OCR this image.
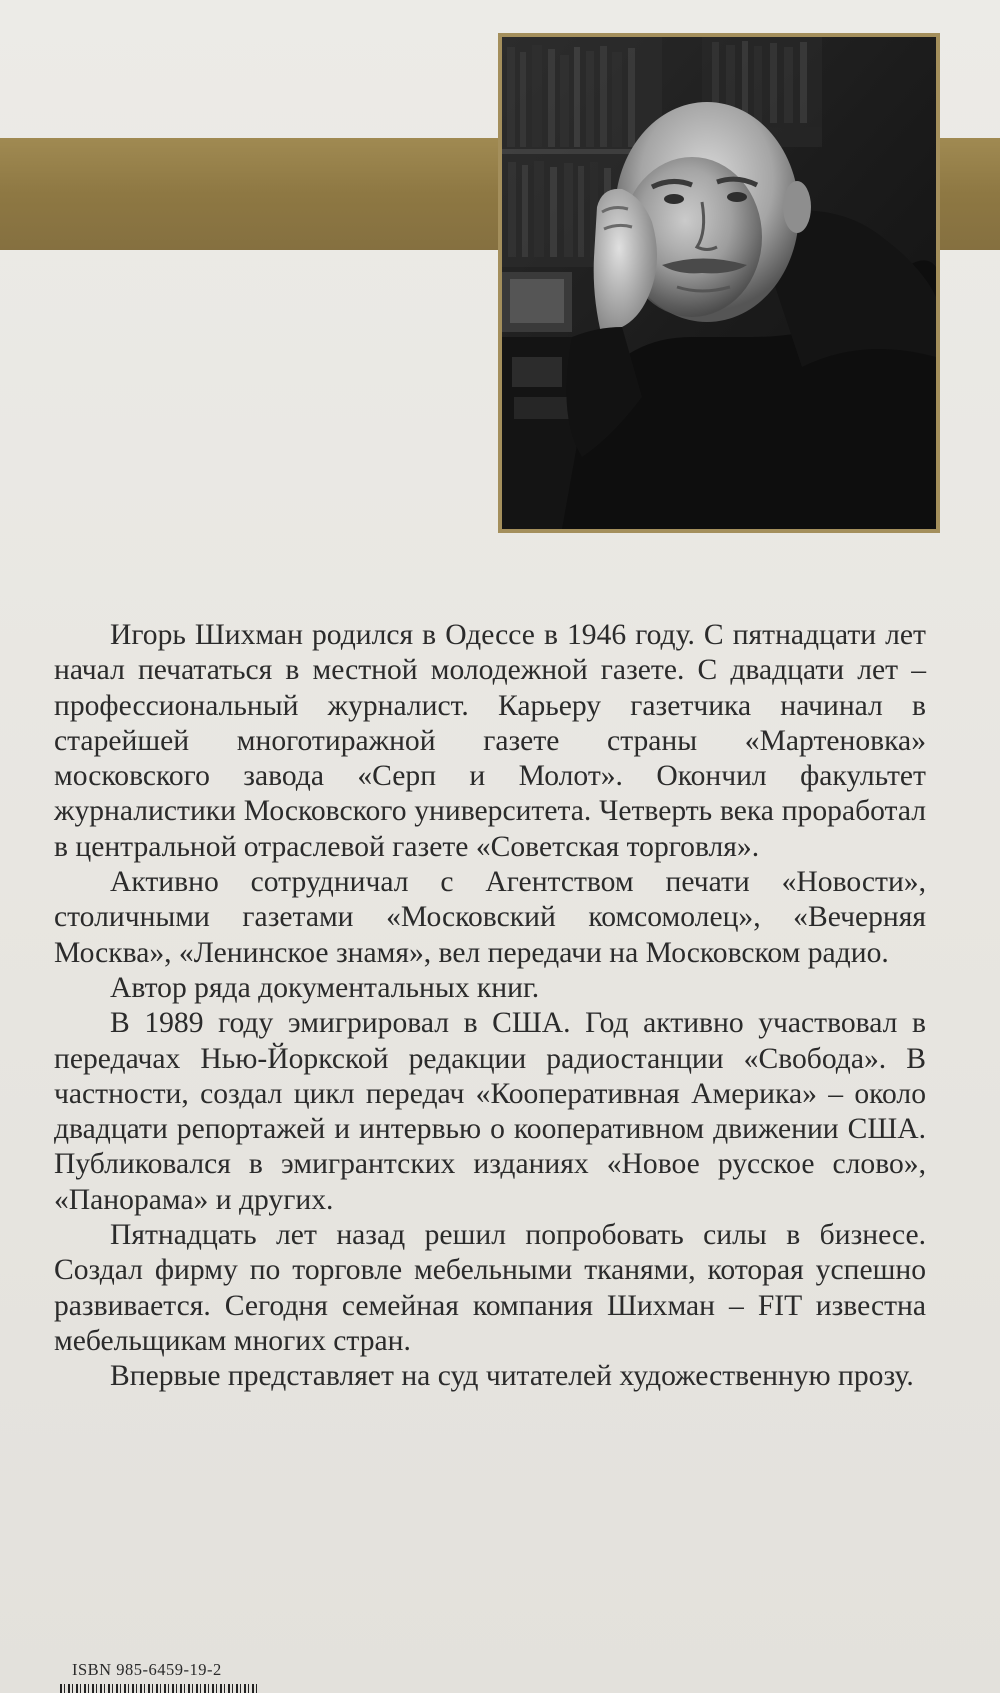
Игорь Шихман родился в Одессе в 1946 году. С пятнадцати лет начал печататься в местной молодежной газете. С двадцати лет – профессиональный журналист. Карьеру газетчика начинал в старейшей многотиражной газете страны «Мартеновка» московского завода «Серп и Молот». Окончил факультет журналистики Московского университета. Четверть века проработал в центральной отраслевой газете «Советская торговля».

Активно сотрудничал с Агентством печати «Новости», столичными газетами «Московский комсомолец», «Вечерняя Москва», «Ленинское знамя», вел передачи на Московском радио.

Автор ряда документальных книг.

В 1989 году эмигрировал в США. Год активно участвовал в передачах Нью-Йоркской редакции радиостанции «Свобода». В частности, создал цикл передач «Кооперативная Америка» – около двадцати репортажей и интервью о кооперативном движении США. Публиковался в эмигрантских изданиях «Новое русское слово», «Панорама» и других.

Пятнадцать лет назад решил попробовать силы в бизнесе. Создал фирму по торговле мебельными тканями, которая успешно развивается. Сегодня семейная компания Шихман – FIT известна мебельщикам многих стран.

Впервые представляет на суд читателей художественную прозу.

ISBN 985-6459-19-2
